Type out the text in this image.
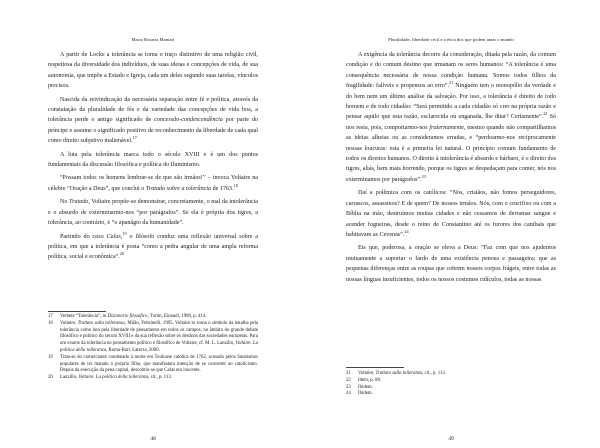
Maria Rosaria Maniari

A partir de Locke a tolerância se torna o traço distintivo de uma religião civil, respeitosa da diversidade dos indivíduos, de suas ideias e concepções de vida, de sua autonomia, que impõe a Estado e Igreja, cada um deles segundo suas tarefas, vínculos precisos.

Nascida da reivindicação da necessária separação entre fé e política, através da constatação da pluralidade de fés e da variedade das concepções de vida boa, a tolerância perde o antigo significado de concessão-condescendência por parte do príncipe e assume o significado positivo de reconhecimento da liberdade de cada qual como direito subjetivo inalienável.$^{17}$

A luta pela tolerância marca todo o século XVIII e é um dos pontos fundamentais da discussão filosófica e política do Iluminismo.

“Possam todos os homens lembrar-se de que são irmãos!” – invoca Voltaire na célebre “Oração a Deus”, que conclui o Tratado sobre a tolerância de 1763.18

No Tratado, Voltaire propõe-se demonstrar, concretamente, o mal da intolerância e o absurdo de exterminarmo-nos “por parágrafos”. Se ela é própria dos tigres, a tolerância, ao contrário, é “o apanágio da humanidade”.

Partindo do caso Calas,$^{19}$ o filósofo conduz uma reflexão universal sobre a política, em que a tolerância é posta “como a pedra angular de uma ampla reforma política, social e econômica”.$^{20}$

17	Verbete “Tolerância”, in Dizionario filosofico, Turim, Einaudi, 1980, p. 414.
18	Voltaire, Trattato sulla tolleranza, Milão, Feltrinelli, 1995. Voltaire se torna o símbolo da batalha pela tolerância como luta pela liberdade de pensamento em todos os campos, no âmbito do grande debate filosófico e político do século XVIII e da sua reflexão sobre os destinos das sociedades europeias. Para um exame da tolerância no pensamento político e filosófico de Voltaire, cf. M. L. Lanzillo, Voltaire. La politica della tolleranza, Roma-Bari, Laterza, 2000.
19	Trata-se do comerciante condenado à morte em Toulouse católica de 1762, acusado pelos fanatismos populares de ter matado o próprio filho, que manifestara intenção de se converter ao catolicismo. Depois da execução da pena capital, descobriu-se que Calas era inocente.
20	Lanzillo, Voltaire. La politica della tolleranza, cit., p. 113.
48
Pluralidade, liberdade civil e a ética dos que podem amar o mundo

A exigência da tolerância decorre da consideração, ditada pela razão, da comum condição e do comum destino que irmanam os seres humanos: “A tolerância é uma consequência necessária de nossa condição humana. Somos todos filhos da fragilidade: falíveis e propensos ao erro”.$^{21}$ Ninguém tem o monopólio da verdade e do bem nem um último análise da salvação. Por isso, a tolerância é direito de todo homem e de todo cidadão: “Será permitido a cada cidadão só crer na própria razão e pensar aquilo que esta razão, esclarecida ou enganada, lhe ditar? Certamente”.$^{22}$ Só nos resta, pois, comportarmo-nos fraternamente, mesmo quando não compartilhamos as ideias alheias ou as consideramos erradas, e “perdoarmo-nos reciprocamente nossas loucuras: esta é a primeira lei natural. O princípio comum fundamento de todos os direitos humanos. O direito à intolerância é absurdo e bárbaro, é o direito dos tigres, aliás, bem mais horrendo, porque os tigres se despedaçam para comer, nós nos exterminamos por parágrafos”.$^{23}$

Daí a polêmica com os católicos: “Nós, cristãos, não fomos perseguidores, carrascos, assassinos? E de quem? De nossos irmãos. Nós, com o crucifixo ou com a Bíblia na mão, destruímos muitas cidades e não cessamos de derramar sangue e acender fogueiras, desde o reino de Constantino até os furores dos canibais que habitavam as Cevenas”.$^{24}$

Eis que, poderosa, a oração se eleva a Deus: “Faz com que nos ajudemos mutuamente a suportar o fardo de uma existência penosa e passageira; que as pequenas diferenças entre as roupas que cobrem nossos corpos frágeis, entre todas as nossas línguas insuficientes, todos os nossos costumes ridículos, todas as nossas

21	Voltaire, Trattato sulla tolleranza, cit., p. 113.
22	Idem, p. 88.
23	Ibidem.
24	Ibidem.
49
